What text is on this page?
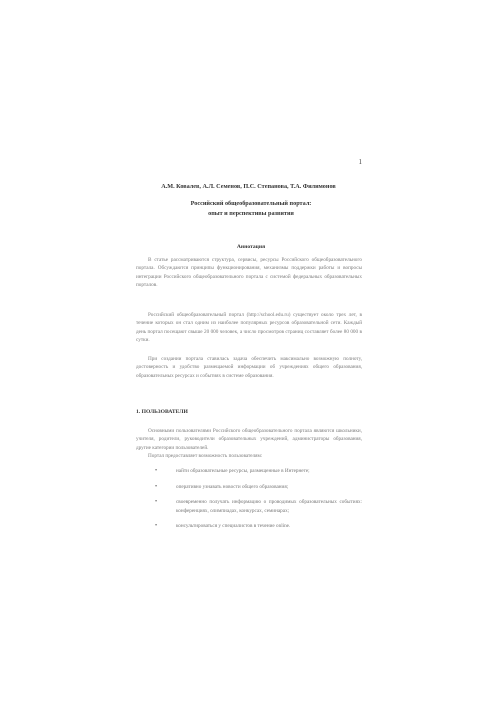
1
А.М. Ковалев, А.Л. Семенов, П.С. Степанова, Т.А. Филимонов
Российский общеобразовательный портал:
опыт и перспективы развития
Аннотация

В статье рассматриваются структура, сервисы, ресурсы Российского общеобразовательного портала. Обсуждаются принципы функционирования, механизмы поддержки работы и вопросы интеграции Российского общеобразовательного портала с системой федеральных образовательных порталов.

Российский общеобразовательный портал (http://school.edu.ru) существует около трех лет, в течение которых он стал одним из наиболее популярных ресурсов образовательной сети. Каждый день портал посещают свыше 20 000 человек, а число просмотров страниц составляет более 80 000 в сутки.

При создании портала ставилась задача обеспечить максимально возможную полноту, достоверность и удобство размещаемой информации об учреждениях общего образования, образовательных ресурсах и событиях в системе образования.

1. ПОЛЬЗОВАТЕЛИ

Основными пользователями Российского общеобразовательного портала являются школьники, учителя, родители, руководители образовательных учреждений, администраторы образования, другие категории пользователей.

Портал предоставляет возможность пользователям:

•	найти образовательные ресурсы, размещенные в Интернете;
•	оперативно узнавать новости общего образования;
•	своевременно получать информацию о проводимых образовательных событиях: конференциях, олимпиадах, конкурсах, семинарах;
•	консультироваться у специалистов в течение online.
